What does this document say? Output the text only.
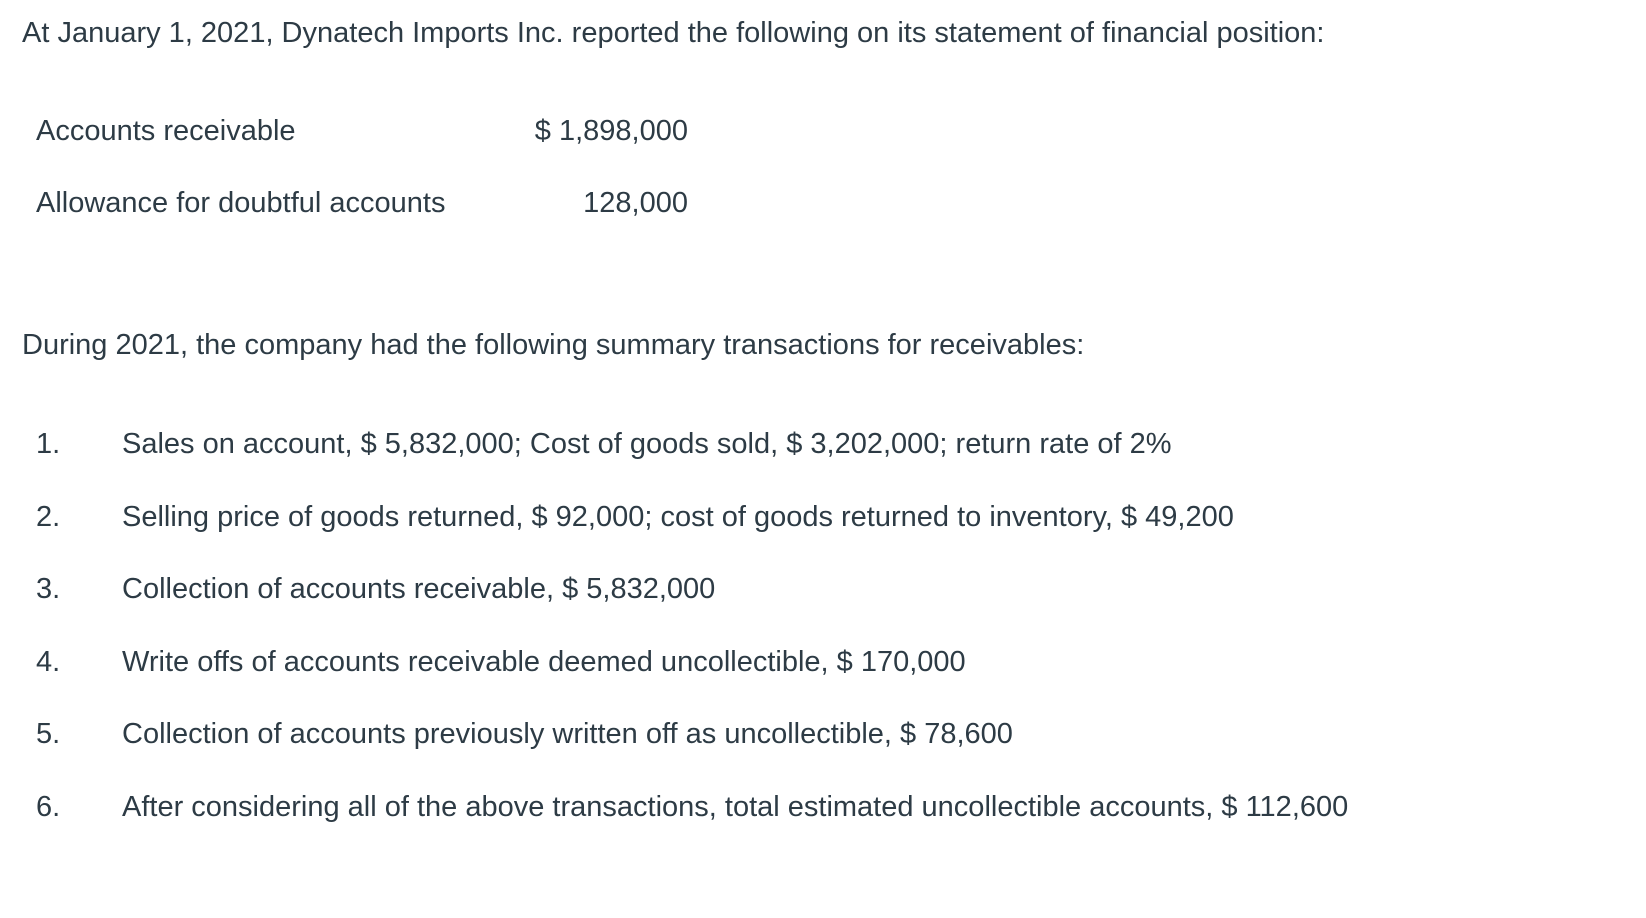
At January 1, 2021, Dynatech Imports Inc. reported the following on its statement of financial position:

Accounts receivable	$ 1,898,000
Allowance for doubtful accounts	128,000

During 2021, the company had the following summary transactions for receivables:

1. Sales on account, $ 5,832,000; Cost of goods sold, $ 3,202,000; return rate of 2%
2. Selling price of goods returned, $ 92,000; cost of goods returned to inventory, $ 49,200
3. Collection of accounts receivable, $ 5,832,000
4. Write offs of accounts receivable deemed uncollectible, $ 170,000
5. Collection of accounts previously written off as uncollectible, $ 78,600
6. After considering all of the above transactions, total estimated uncollectible accounts, $ 112,600
